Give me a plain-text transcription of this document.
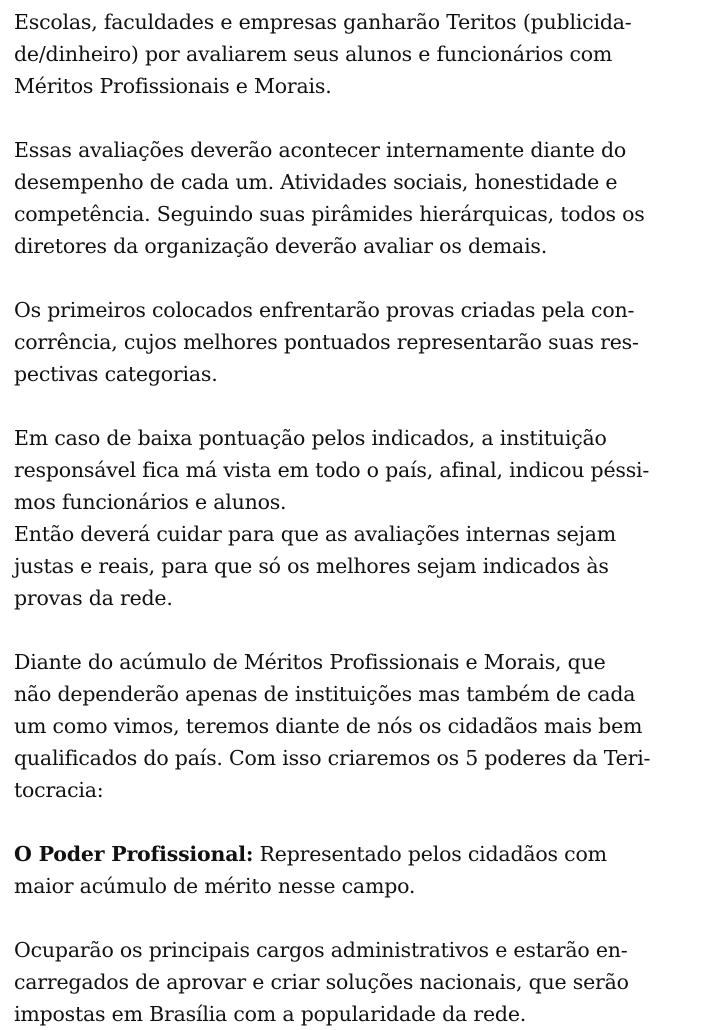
Escolas, faculdades e empresas ganharão Teritos (publicida-
de/dinheiro) por avaliarem seus alunos e funcionários com
Méritos Profissionais e Morais.
Essas avaliações deverão acontecer internamente diante do
desempenho de cada um. Atividades sociais, honestidade e
competência. Seguindo suas pirâmides hierárquicas, todos os
diretores da organização deverão avaliar os demais.
Os primeiros colocados enfrentarão provas criadas pela con-
corrência, cujos melhores pontuados representarão suas res-
pectivas categorias.
Em caso de baixa pontuação pelos indicados, a instituição
responsável fica má vista em todo o país, afinal, indicou péssi-
mos funcionários e alunos.
Então deverá cuidar para que as avaliações internas sejam
justas e reais, para que só os melhores sejam indicados às
provas da rede.
Diante do acúmulo de Méritos Profissionais e Morais, que
não dependerão apenas de instituições mas também de cada
um como vimos, teremos diante de nós os cidadãos mais bem
qualificados do país. Com isso criaremos os 5 poderes da Teri-
tocracia:
O Poder Profissional: Representado pelos cidadãos com
maior acúmulo de mérito nesse campo.
Ocuparão os principais cargos administrativos e estarão en-
carregados de aprovar e criar soluções nacionais, que serão
impostas em Brasília com a popularidade da rede.
